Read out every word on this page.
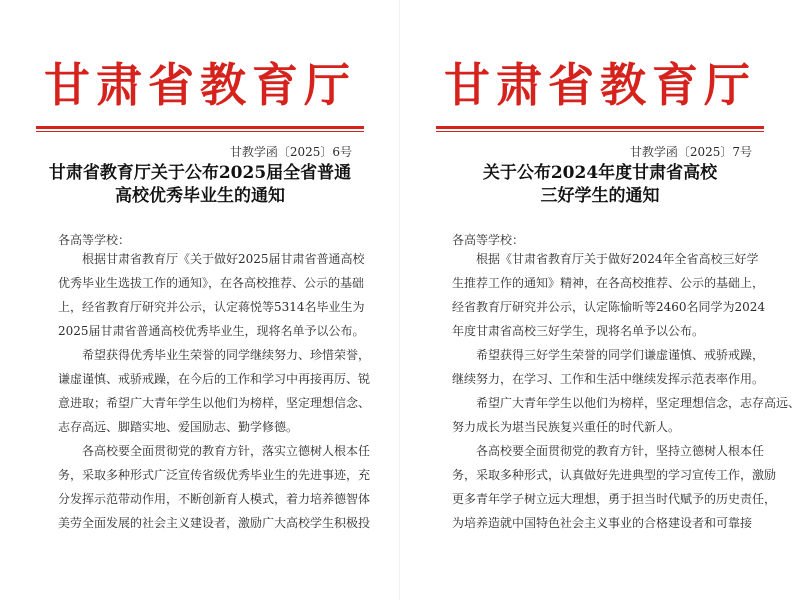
甘肃省教育厅
甘教学函〔2025〕6号
甘肃省教育厅关于公布2025届全省普通
高校优秀毕业生的通知
各高等学校：
根据甘肃省教育厅《关于做好2025届甘肃省普通高校
优秀毕业生选拔工作的通知》，在各高校推荐、公示的基础
上，经省教育厅研究并公示，认定蒋悦等5314名毕业生为
2025届甘肃省普通高校优秀毕业生，现将名单予以公布。
希望获得优秀毕业生荣誉的同学继续努力、珍惜荣誉，
谦虚谨慎、戒骄戒躁，在今后的工作和学习中再接再厉、锐
意进取；希望广大青年学生以他们为榜样，坚定理想信念、
志存高远、脚踏实地、爱国励志、勤学修德。
各高校要全面贯彻党的教育方针，落实立德树人根本任
务，采取多种形式广泛宣传省级优秀毕业生的先进事迹，充
分发挥示范带动作用，不断创新育人模式，着力培养德智体
美劳全面发展的社会主义建设者，激励广大高校学生积极投
甘肃省教育厅
甘教学函〔2025〕7号
关于公布2024年度甘肃省高校
三好学生的通知
各高等学校：
根据《甘肃省教育厅关于做好2024年全省高校三好学
生推荐工作的通知》精神，在各高校推荐、公示的基础上，
经省教育厅研究并公示，认定陈愉昕等2460名同学为2024
年度甘肃省高校三好学生，现将名单予以公布。
希望获得三好学生荣誉的同学们谦虚谨慎、戒骄戒躁，
继续努力，在学习、工作和生活中继续发挥示范表率作用。
希望广大青年学生以他们为榜样，坚定理想信念，志存高远、
努力成长为堪当民族复兴重任的时代新人。
各高校要全面贯彻党的教育方针，坚持立德树人根本任
务，采取多种形式，认真做好先进典型的学习宣传工作，激励
更多青年学子树立远大理想，勇于担当时代赋予的历史责任，
为培养造就中国特色社会主义事业的合格建设者和可靠接
